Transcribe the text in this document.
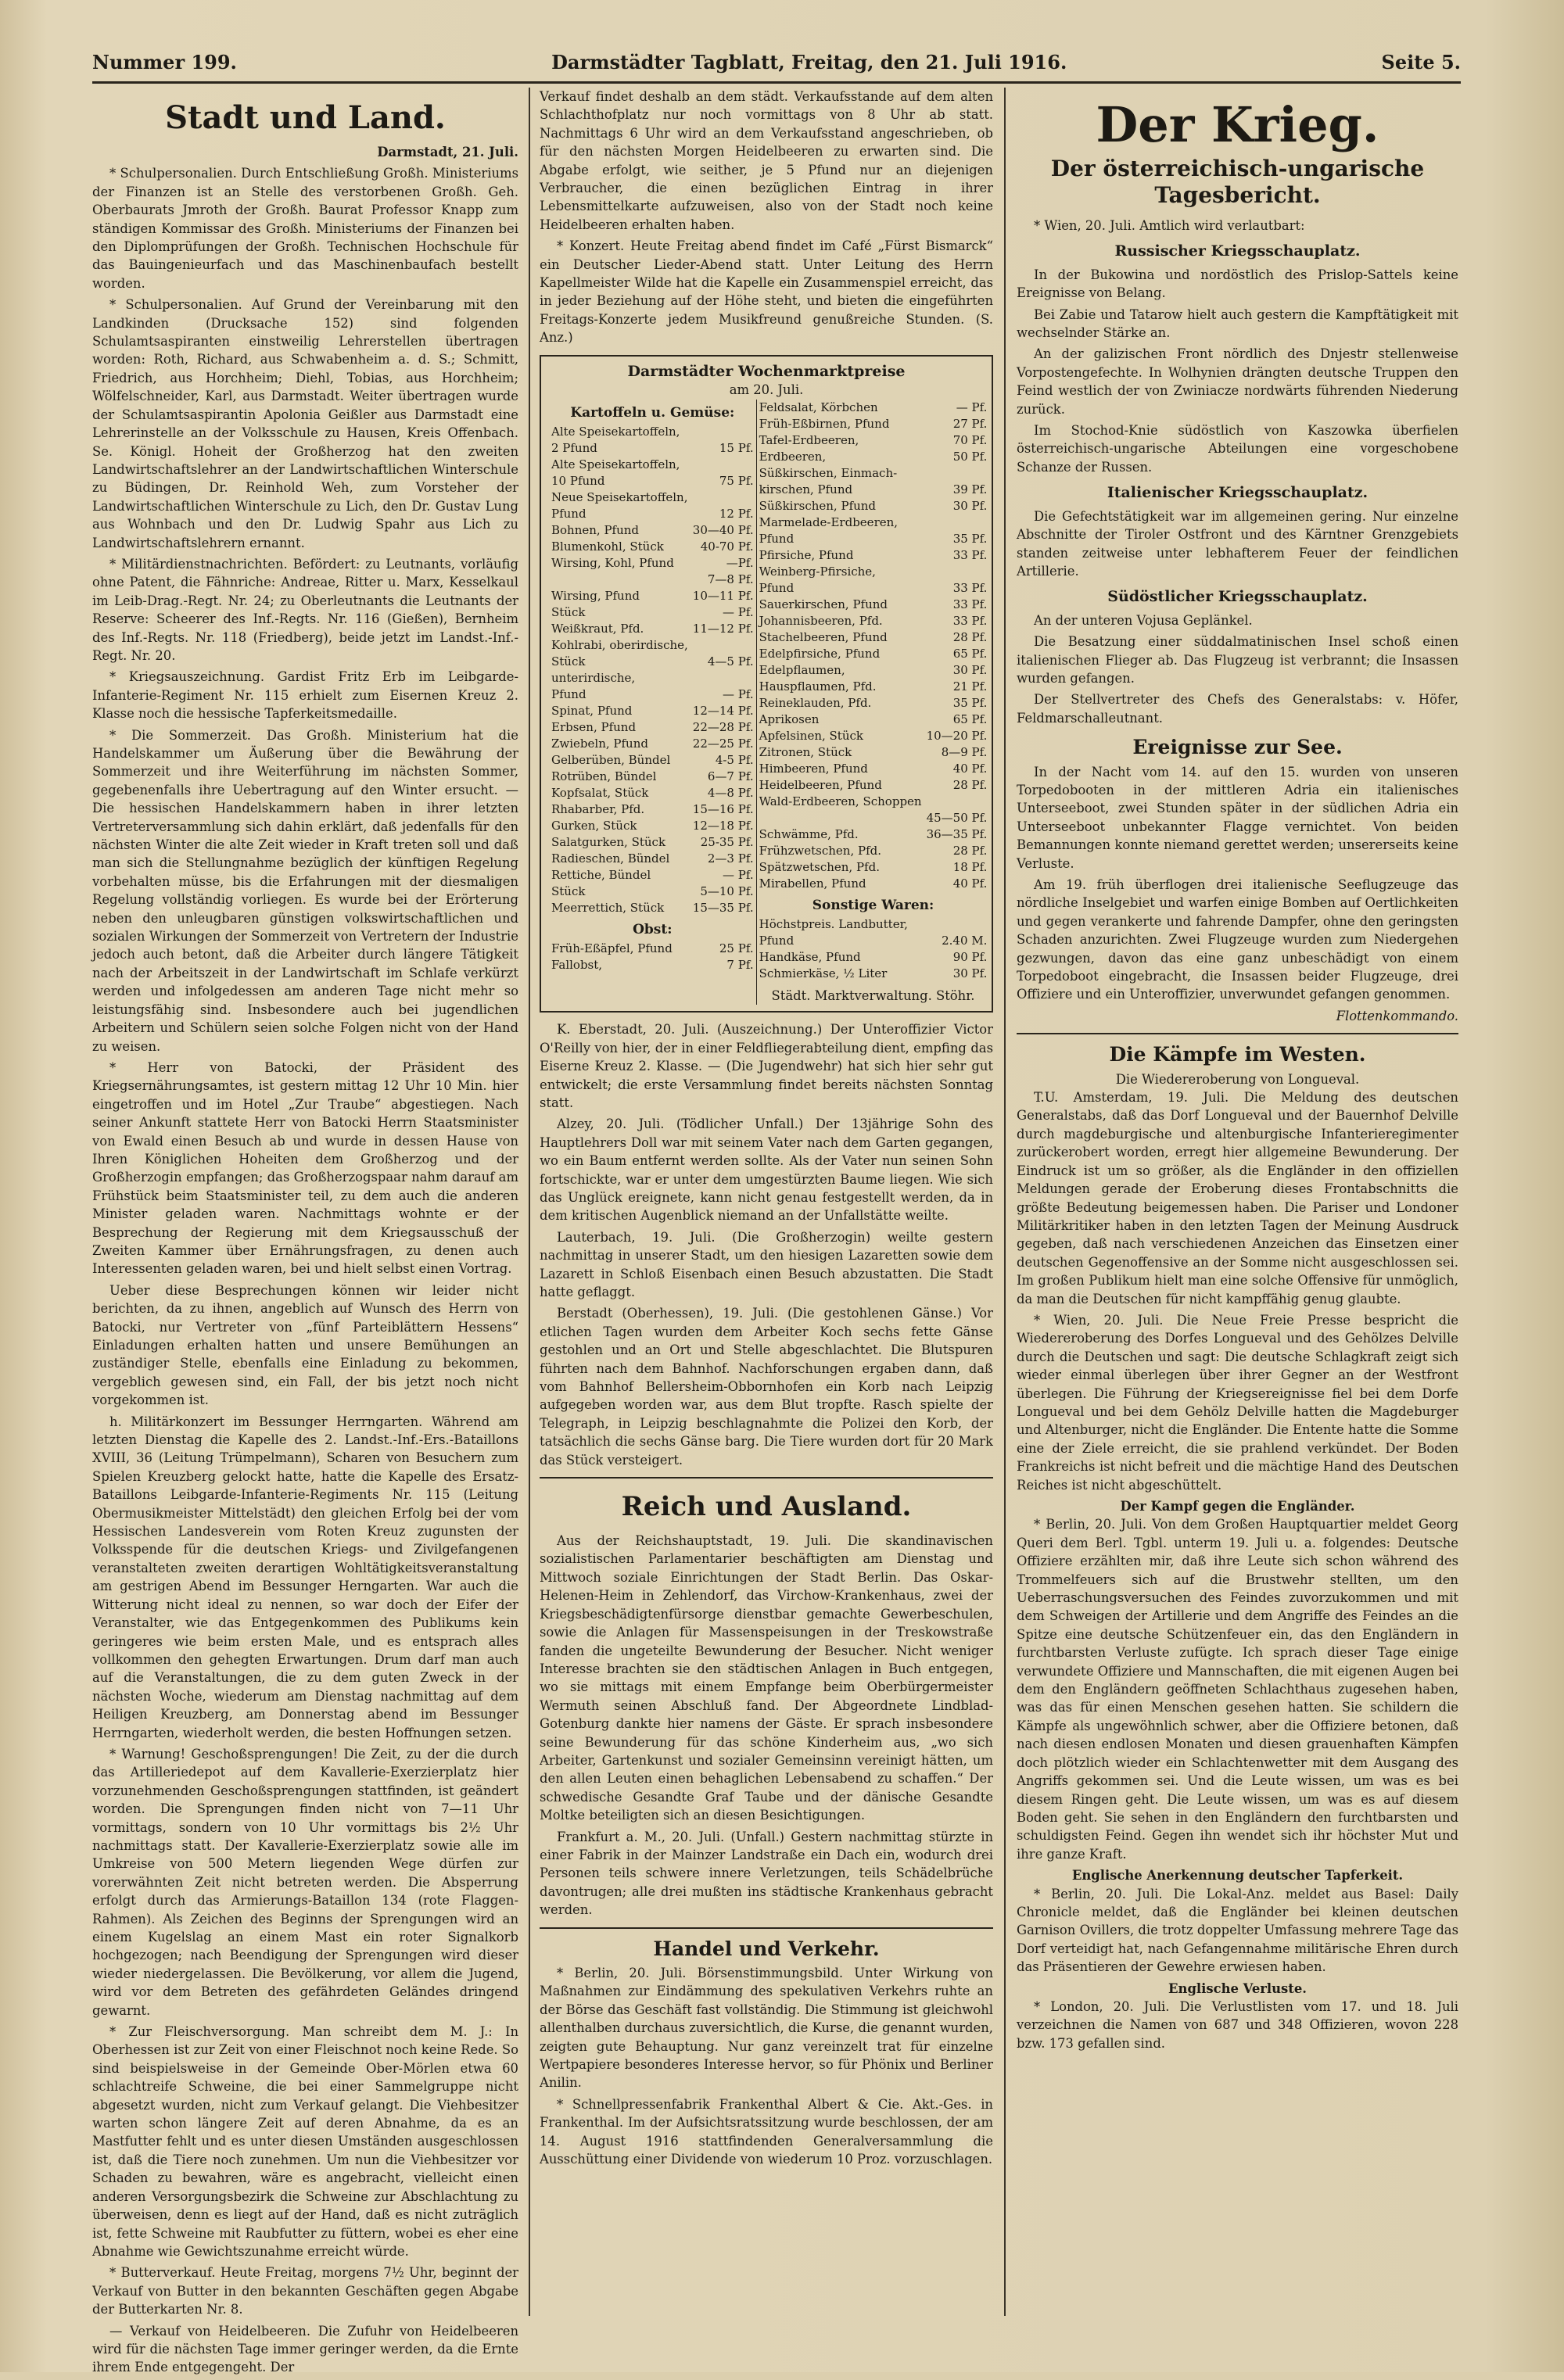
Nummer 199.	Darmstädter Tagblatt, Freitag, den 21. Juli 1916.	Seite 5.
Stadt und Land.
Darmstadt, 21. Juli.

* Schulpersonalien. Durch Entschließung Großh. Ministeriums der Finanzen ist an Stelle des verstorbenen Großh. Geh. Oberbaurats Jmroth der Großh. Baurat Professor Knapp zum ständigen Kommissar des Großh. Ministeriums der Finanzen bei den Diplomprüfungen der Großh. Technischen Hochschule für das Bauingenieurfach und das Maschinenbaufach bestellt worden.

* Schulpersonalien. Auf Grund der Vereinbarung mit den Landkinden (Drucksache 152) sind folgenden Schulamtsaspiranten einstweilig Lehrerstellen übertragen worden: Roth, Richard, aus Schwabenheim a. d. S.; Schmitt, Friedrich, aus Horchheim; Diehl, Tobias, aus Horchheim; Wölfelschneider, Karl, aus Darmstadt. Weiter übertragen wurde der Schulamtsaspirantin Apolonia Geißler aus Darmstadt eine Lehrerinstelle an der Volksschule zu Hausen, Kreis Offenbach. Se. Königl. Hoheit der Großherzog hat den zweiten Landwirtschaftslehrer an der Landwirtschaftlichen Winterschule zu Büdingen, Dr. Reinhold Weh, zum Vorsteher der Landwirtschaftlichen Winterschule zu Lich, den Dr. Gustav Lung aus Wohnbach und den Dr. Ludwig Spahr aus Lich zu Landwirtschaftslehrern ernannt.

* Militärdienstnachrichten. Befördert: zu Leutnants, vorläufig ohne Patent, die Fähnriche: Andreae, Ritter u. Marx, Kesselkaul im Leib-Drag.-Regt. Nr. 24; zu Oberleutnants die Leutnants der Reserve: Scheerer des Inf.-Regts. Nr. 116 (Gießen), Bernheim des Inf.-Regts. Nr. 118 (Friedberg), beide jetzt im Landst.-Inf.-Regt. Nr. 20.

* Kriegsauszeichnung. Gardist Fritz Erb im Leibgarde-Infanterie-Regiment Nr. 115 erhielt zum Eisernen Kreuz 2. Klasse noch die hessische Tapferkeitsmedaille.

* Die Sommerzeit. Das Großh. Ministerium hat die Handelskammer um Äußerung über die Bewährung der Sommerzeit und ihre Weiterführung im nächsten Sommer, gegebenenfalls ihre Uebertragung auf den Winter ersucht. — Die hessischen Handelskammern haben in ihrer letzten Vertreterversammlung sich dahin erklärt, daß jedenfalls für den nächsten Winter die alte Zeit wieder in Kraft treten soll und daß man sich die Stellungnahme bezüglich der künftigen Regelung vorbehalten müsse, bis die Erfahrungen mit der diesmaligen Regelung vollständig vorliegen. Es wurde bei der Erörterung neben den unleugbaren günstigen volkswirtschaftlichen und sozialen Wirkungen der Sommerzeit von Vertretern der Industrie jedoch auch betont, daß die Arbeiter durch längere Tätigkeit nach der Arbeitszeit in der Landwirtschaft im Schlafe verkürzt werden und infolgedessen am anderen Tage nicht mehr so leistungsfähig sind. Insbesondere auch bei jugendlichen Arbeitern und Schülern seien solche Folgen nicht von der Hand zu weisen.

* Herr von Batocki, der Präsident des Kriegsernährungsamtes, ist gestern mittag 12 Uhr 10 Min. hier eingetroffen und im Hotel „Zur Traube“ abgestiegen. Nach seiner Ankunft stattete Herr von Batocki Herrn Staatsminister von Ewald einen Besuch ab und wurde in dessen Hause von Ihren Königlichen Hoheiten dem Großherzog und der Großherzogin empfangen; das Großherzogspaar nahm darauf am Frühstück beim Staatsminister teil, zu dem auch die anderen Minister geladen waren. Nachmittags wohnte er der Besprechung der Regierung mit dem Kriegsausschuß der Zweiten Kammer über Ernährungsfragen, zu denen auch Interessenten geladen waren, bei und hielt selbst einen Vortrag.

Ueber diese Besprechungen können wir leider nicht berichten, da zu ihnen, angeblich auf Wunsch des Herrn von Batocki, nur Vertreter von „fünf Parteiblättern Hessens“ Einladungen erhalten hatten und unsere Bemühungen an zuständiger Stelle, ebenfalls eine Einladung zu bekommen, vergeblich gewesen sind, ein Fall, der bis jetzt noch nicht vorgekommen ist.

h. Militärkonzert im Bessunger Herrngarten. Während am letzten Dienstag die Kapelle des 2. Landst.-Inf.-Ers.-Bataillons XVIII, 36 (Leitung Trümpelmann), Scharen von Besuchern zum Spielen Kreuzberg gelockt hatte, hatte die Kapelle des Ersatz-Bataillons Leibgarde-Infanterie-Regiments Nr. 115 (Leitung Obermusikmeister Mittelstädt) den gleichen Erfolg bei der vom Hessischen Landesverein vom Roten Kreuz zugunsten der Volksspende für die deutschen Kriegs- und Zivilgefangenen veranstalteten zweiten derartigen Wohltätigkeitsveranstaltung am gestrigen Abend im Bessunger Herngarten. War auch die Witterung nicht ideal zu nennen, so war doch der Eifer der Veranstalter, wie das Entgegenkommen des Publikums kein geringeres wie beim ersten Male, und es entsprach alles vollkommen den gehegten Erwartungen. Drum darf man auch auf die Veranstaltungen, die zu dem guten Zweck in der nächsten Woche, wiederum am Dienstag nachmittag auf dem Heiligen Kreuzberg, am Donnerstag abend im Bessunger Herrngarten, wiederholt werden, die besten Hoffnungen setzen.

* Warnung! Geschoßsprengungen! Die Zeit, zu der die durch das Artilleriedepot auf dem Kavallerie-Exerzierplatz hier vorzunehmenden Geschoßsprengungen stattfinden, ist geändert worden. Die Sprengungen finden nicht von 7—11 Uhr vormittags, sondern von 10 Uhr vormittags bis 2½ Uhr nachmittags statt. Der Kavallerie-Exerzierplatz sowie alle im Umkreise von 500 Metern liegenden Wege dürfen zur vorerwähnten Zeit nicht betreten werden. Die Absperrung erfolgt durch das Armierungs-Bataillon 134 (rote Flaggen-Rahmen). Als Zeichen des Beginns der Sprengungen wird an einem Kugelslag an einem Mast ein roter Signalkorb hochgezogen; nach Beendigung der Sprengungen wird dieser wieder niedergelassen. Die Bevölkerung, vor allem die Jugend, wird vor dem Betreten des gefährdeten Geländes dringend gewarnt.

* Zur Fleischversorgung. Man schreibt dem M. J.: In Oberhessen ist zur Zeit von einer Fleischnot noch keine Rede. So sind beispielsweise in der Gemeinde Ober-Mörlen etwa 60 schlachtreife Schweine, die bei einer Sammelgruppe nicht abgesetzt wurden, nicht zum Verkauf gelangt. Die Viehbesitzer warten schon längere Zeit auf deren Abnahme, da es an Mastfutter fehlt und es unter diesen Umständen ausgeschlossen ist, daß die Tiere noch zunehmen. Um nun die Viehbesitzer vor Schaden zu bewahren, wäre es angebracht, vielleicht einen anderen Versorgungsbezirk die Schweine zur Abschlachtung zu überweisen, denn es liegt auf der Hand, daß es nicht zuträglich ist, fette Schweine mit Raubfutter zu füttern, wobei es eher eine Abnahme wie Gewichtszunahme erreicht würde.

* Butterverkauf. Heute Freitag, morgens 7½ Uhr, beginnt der Verkauf von Butter in den bekannten Geschäften gegen Abgabe der Butterkarten Nr. 8.

— Verkauf von Heidelbeeren. Die Zufuhr von Heidelbeeren wird für die nächsten Tage immer geringer werden, da die Ernte ihrem Ende entgegengeht. Der

Verkauf findet deshalb an dem städt. Verkaufsstande auf dem alten Schlachthofplatz nur noch vormittags von 8 Uhr ab statt. Nachmittags 6 Uhr wird an dem Verkaufsstand angeschrieben, ob für den nächsten Morgen Heidelbeeren zu erwarten sind. Die Abgabe erfolgt, wie seither, je 5 Pfund nur an diejenigen Verbraucher, die einen bezüglichen Eintrag in ihrer Lebensmittelkarte aufzuweisen, also von der Stadt noch keine Heidelbeeren erhalten haben.

* Konzert. Heute Freitag abend findet im Café „Fürst Bismarck“ ein Deutscher Lieder-Abend statt. Unter Leitung des Herrn Kapellmeister Wilde hat die Kapelle ein Zusammenspiel erreicht, das in jeder Beziehung auf der Höhe steht, und bieten die eingeführten Freitags-Konzerte jedem Musikfreund genußreiche Stunden. (S. Anz.)

Darmstädter Wochenmarktpreise
am 20. Juli.
Kartoffeln u. Gemüse:
Alte Speisekartoffeln,	
2 Pfund	15 Pf.
Alte Speisekartoffeln,	
10 Pfund	75 Pf.
Neue Speisekartoffeln,	
Pfund	12 Pf.
Bohnen, Pfund	30—40 Pf.
Blumenkohl, Stück	40-70 Pf.
Wirsing, Kohl, Pfund	—Pf.
	7—8 Pf.
Wirsing, Pfund	10—11 Pf.
Stück	— Pf.
Weißkraut, Pfd.	11—12 Pf.
Kohlrabi, oberirdische,	
Stück	4—5 Pf.
unterirdische,	
Pfund	— Pf.
Spinat, Pfund	12—14 Pf.
Erbsen, Pfund	22—28 Pf.
Zwiebeln, Pfund	22—25 Pf.
Gelberüben, Bündel	4-5 Pf.
Rotrüben, Bündel	6—7 Pf.
Kopfsalat, Stück	4—8 Pf.
Rhabarber, Pfd.	15—16 Pf.
Gurken, Stück	12—18 Pf.
Salatgurken, Stück	25-35 Pf.
Radieschen, Bündel	2—3 Pf.
Rettiche, Bündel	— Pf.
Stück	5—10 Pf.
Meerrettich, Stück	15—35 Pf.
Obst:
Früh-Eßäpfel, Pfund	25 Pf.
Fallobst,	7 Pf.
Feldsalat, Körbchen	— Pf.
Früh-Eßbirnen, Pfund	27 Pf.
Tafel-Erdbeeren,	70 Pf.
Erdbeeren,	50 Pf.
Süßkirschen, Einmach-	
kirschen, Pfund	39 Pf.
Süßkirschen, Pfund	30 Pf.
Marmelade-Erdbeeren,	
Pfund	35 Pf.
Pfirsiche, Pfund	33 Pf.
Weinberg-Pfirsiche,	
Pfund	33 Pf.
Sauerkirschen, Pfund	33 Pf.
Johannisbeeren, Pfd.	33 Pf.
Stachelbeeren, Pfund	28 Pf.
Edelpfirsiche, Pfund	65 Pf.
Edelpflaumen,	30 Pf.
Hauspflaumen, Pfd.	21 Pf.
Reineklauden, Pfd.	35 Pf.
Aprikosen	65 Pf.
Apfelsinen, Stück	10—20 Pf.
Zitronen, Stück	8—9 Pf.
Himbeeren, Pfund	40 Pf.
Heidelbeeren, Pfund	28 Pf.
Wald-Erdbeeren, Schoppen	
	45—50 Pf.
Schwämme, Pfd.	36—35 Pf.
Frühzwetschen, Pfd.	28 Pf.
Spätzwetschen, Pfd.	18 Pf.
Mirabellen, Pfund	40 Pf.
Sonstige Waren:
Höchstpreis. Landbutter,	
Pfund	2.40 M.
Handkäse, Pfund	90 Pf.
Schmierkäse, ½ Liter	30 Pf.
Städt. Marktverwaltung. Stöhr.

K. Eberstadt, 20. Juli. (Auszeichnung.) Der Unteroffizier Victor O'Reilly von hier, der in einer Feldfliegerabteilung dient, empfing das Eiserne Kreuz 2. Klasse. — (Die Jugendwehr) hat sich hier sehr gut entwickelt; die erste Versammlung findet bereits nächsten Sonntag statt.

Alzey, 20. Juli. (Tödlicher Unfall.) Der 13jährige Sohn des Hauptlehrers Doll war mit seinem Vater nach dem Garten gegangen, wo ein Baum entfernt werden sollte. Als der Vater nun seinen Sohn fortschickte, war er unter dem umgestürzten Baume liegen. Wie sich das Unglück ereignete, kann nicht genau festgestellt werden, da in dem kritischen Augenblick niemand an der Unfallstätte weilte.

Lauterbach, 19. Juli. (Die Großherzogin) weilte gestern nachmittag in unserer Stadt, um den hiesigen Lazaretten sowie dem Lazarett in Schloß Eisenbach einen Besuch abzustatten. Die Stadt hatte geflaggt.

Berstadt (Oberhessen), 19. Juli. (Die gestohlenen Gänse.) Vor etlichen Tagen wurden dem Arbeiter Koch sechs fette Gänse gestohlen und an Ort und Stelle abgeschlachtet. Die Blutspuren führten nach dem Bahnhof. Nachforschungen ergaben dann, daß vom Bahnhof Bellersheim-Obbornhofen ein Korb nach Leipzig aufgegeben worden war, aus dem Blut tropfte. Rasch spielte der Telegraph, in Leipzig beschlagnahmte die Polizei den Korb, der tatsächlich die sechs Gänse barg. Die Tiere wurden dort für 20 Mark das Stück versteigert.

Reich und Ausland.

Aus der Reichshauptstadt, 19. Juli. Die skandinavischen sozialistischen Parlamentarier beschäftigten am Dienstag und Mittwoch soziale Einrichtungen der Stadt Berlin. Das Oskar-Helenen-Heim in Zehlendorf, das Virchow-Krankenhaus, zwei der Kriegsbeschädigtenfürsorge dienstbar gemachte Gewerbeschulen, sowie die Anlagen für Massenspeisungen in der Treskowstraße fanden die ungeteilte Bewunderung der Besucher. Nicht weniger Interesse brachten sie den städtischen Anlagen in Buch entgegen, wo sie mittags mit einem Empfange beim Oberbürgermeister Wermuth seinen Abschluß fand. Der Abgeordnete Lindblad-Gotenburg dankte hier namens der Gäste. Er sprach insbesondere seine Bewunderung für das schöne Kinderheim aus, „wo sich Arbeiter, Gartenkunst und sozialer Gemeinsinn vereinigt hätten, um den allen Leuten einen behaglichen Lebensabend zu schaffen.“ Der schwedische Gesandte Graf Taube und der dänische Gesandte Moltke beteiligten sich an diesen Besichtigungen.

Frankfurt a. M., 20. Juli. (Unfall.) Gestern nachmittag stürzte in einer Fabrik in der Mainzer Landstraße ein Dach ein, wodurch drei Personen teils schwere innere Verletzungen, teils Schädelbrüche davontrugen; alle drei mußten ins städtische Krankenhaus gebracht werden.

Handel und Verkehr.

* Berlin, 20. Juli. Börsenstimmungsbild. Unter Wirkung von Maßnahmen zur Eindämmung des spekulativen Verkehrs ruhte an der Börse das Geschäft fast vollständig. Die Stimmung ist gleichwohl allenthalben durchaus zuversichtlich, die Kurse, die genannt wurden, zeigten gute Behauptung. Nur ganz vereinzelt trat für einzelne Wertpapiere besonderes Interesse hervor, so für Phönix und Berliner Anilin.

* Schnellpressenfabrik Frankenthal Albert & Cie. Akt.-Ges. in Frankenthal. Im der Aufsichtsratssitzung wurde beschlossen, der am 14. August 1916 stattfindenden Generalversammlung die Ausschüttung einer Dividende von wiederum 10 Proz. vorzuschlagen.

Der Krieg.
Der österreichisch-ungarische Tagesbericht.

* Wien, 20. Juli. Amtlich wird verlautbart:

Russischer Kriegsschauplatz.

In der Bukowina und nordöstlich des Prislop-Sattels keine Ereignisse von Belang.

Bei Zabie und Tatarow hielt auch gestern die Kampftätigkeit mit wechselnder Stärke an.

An der galizischen Front nördlich des Dnjestr stellenweise Vorpostengefechte. In Wolhynien drängten deutsche Truppen den Feind westlich der von Zwiniacze nordwärts führenden Niederung zurück.

Im Stochod-Knie südöstlich von Kaszowka überfielen österreichisch-ungarische Abteilungen eine vorgeschobene Schanze der Russen.

Italienischer Kriegsschauplatz.

Die Gefechtstätigkeit war im allgemeinen gering. Nur einzelne Abschnitte der Tiroler Ostfront und des Kärntner Grenzgebiets standen zeitweise unter lebhafterem Feuer der feindlichen Artillerie.

Südöstlicher Kriegsschauplatz.

An der unteren Vojusa Geplänkel.

Die Besatzung einer süddalmatinischen Insel schoß einen italienischen Flieger ab. Das Flugzeug ist verbrannt; die Insassen wurden gefangen.

Der Stellvertreter des Chefs des Generalstabs: v. Höfer, Feldmarschalleutnant.

Ereignisse zur See.

In der Nacht vom 14. auf den 15. wurden von unseren Torpedobooten in der mittleren Adria ein italienisches Unterseeboot, zwei Stunden später in der südlichen Adria ein Unterseeboot unbekannter Flagge vernichtet. Von beiden Bemannungen konnte niemand gerettet werden; unsererseits keine Verluste.

Am 19. früh überflogen drei italienische Seeflugzeuge das nördliche Inselgebiet und warfen einige Bomben auf Oertlichkeiten und gegen verankerte und fahrende Dampfer, ohne den geringsten Schaden anzurichten. Zwei Flugzeuge wurden zum Niedergehen gezwungen, davon das eine ganz unbeschädigt von einem Torpedoboot eingebracht, die Insassen beider Flugzeuge, drei Offiziere und ein Unteroffizier, unverwundet gefangen genommen.

Flottenkommando.
Die Kämpfe im Westen.
Die Wiedereroberung von Longueval.

T.U. Amsterdam, 19. Juli. Die Meldung des deutschen Generalstabs, daß das Dorf Longueval und der Bauernhof Delville durch magdeburgische und altenburgische Infanterieregimenter zurückerobert worden, erregt hier allgemeine Bewunderung. Der Eindruck ist um so größer, als die Engländer in den offiziellen Meldungen gerade der Eroberung dieses Frontabschnitts die größte Bedeutung beigemessen haben. Die Pariser und Londoner Militärkritiker haben in den letzten Tagen der Meinung Ausdruck gegeben, daß nach verschiedenen Anzeichen das Einsetzen einer deutschen Gegenoffensive an der Somme nicht ausgeschlossen sei. Im großen Publikum hielt man eine solche Offensive für unmöglich, da man die Deutschen für nicht kampffähig genug glaubte.

* Wien, 20. Juli. Die Neue Freie Presse bespricht die Wiedereroberung des Dorfes Longueval und des Gehölzes Delville durch die Deutschen und sagt: Die deutsche Schlagkraft zeigt sich wieder einmal überlegen über ihrer Gegner an der Westfront überlegen. Die Führung der Kriegsereignisse fiel bei dem Dorfe Longueval und bei dem Gehölz Delville hatten die Magdeburger und Altenburger, nicht die Engländer. Die Entente hatte die Somme eine der Ziele erreicht, die sie prahlend verkündet. Der Boden Frankreichs ist nicht befreit und die mächtige Hand des Deutschen Reiches ist nicht abgeschüttelt.

Der Kampf gegen die Engländer.

* Berlin, 20. Juli. Von dem Großen Hauptquartier meldet Georg Queri dem Berl. Tgbl. unterm 19. Juli u. a. folgendes: Deutsche Offiziere erzählten mir, daß ihre Leute sich schon während des Trommelfeuers sich auf die Brustwehr stellten, um den Ueberraschungsversuchen des Feindes zuvorzukommen und mit dem Schweigen der Artillerie und dem Angriffe des Feindes an die Spitze eine deutsche Schützenfeuer ein, das den Engländern in furchtbarsten Verluste zufügte. Ich sprach dieser Tage einige verwundete Offiziere und Mannschaften, die mit eigenen Augen bei dem den Engländern geöffneten Schlachthaus zugesehen haben, was das für einen Menschen gesehen hatten. Sie schildern die Kämpfe als ungewöhnlich schwer, aber die Offiziere betonen, daß nach diesen endlosen Monaten und diesen grauenhaften Kämpfen doch plötzlich wieder ein Schlachtenwetter mit dem Ausgang des Angriffs gekommen sei. Und die Leute wissen, um was es bei diesem Ringen geht. Die Leute wissen, um was es auf diesem Boden geht. Sie sehen in den Engländern den furchtbarsten und schuldigsten Feind. Gegen ihn wendet sich ihr höchster Mut und ihre ganze Kraft.

Englische Anerkennung deutscher Tapferkeit.

* Berlin, 20. Juli. Die Lokal-Anz. meldet aus Basel: Daily Chronicle meldet, daß die Engländer bei kleinen deutschen Garnison Ovillers, die trotz doppelter Umfassung mehrere Tage das Dorf verteidigt hat, nach Gefangennahme militärische Ehren durch das Präsentieren der Gewehre erwiesen haben.

Englische Verluste.

* London, 20. Juli. Die Verlustlisten vom 17. und 18. Juli verzeichnen die Namen von 687 und 348 Offizieren, wovon 228 bzw. 173 gefallen sind.
